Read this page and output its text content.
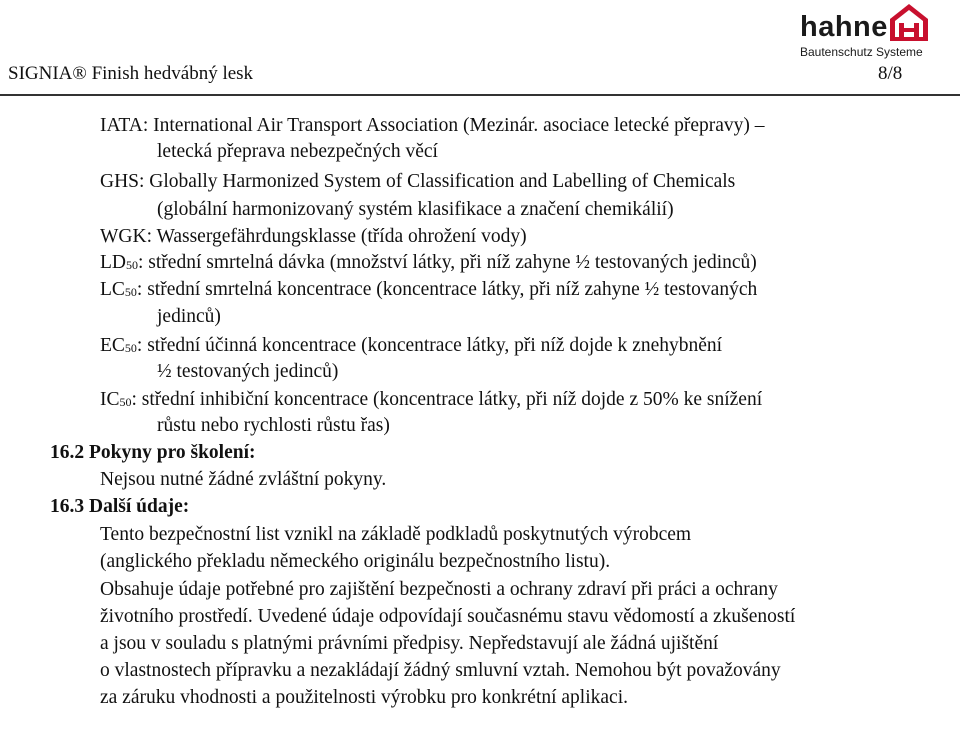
hahne
Bautenschutz Systeme
SIGNIA® Finish hedvábný lesk	8/8
IATA: International Air Transport Association (Mezinár. asociace letecké přepravy) –
letecká přeprava nebezpečných věcí
GHS: Globally Harmonized System of Classification and Labelling of Chemicals
(globální harmonizovaný systém klasifikace a značení chemikálií)
WGK: Wassergefährdungsklasse (třída ohrožení vody)
$LD_{50}$: střední smrtelná dávka (množství látky, při níž zahyne ½ testovaných jedinců)
$LC_{50}$: střední smrtelná koncentrace (koncentrace látky, při níž zahyne ½ testovaných
jedinců)
$EC_{50}$: střední účinná koncentrace (koncentrace látky, při níž dojde k znehybnění
½ testovaných jedinců)
$IC_{50}$: střední inhibiční koncentrace (koncentrace látky, při níž dojde z 50% ke snížení
růstu nebo rychlosti růstu řas)
16.2 Pokyny pro školení:
Nejsou nutné žádné zvláštní pokyny.
16.3 Další údaje:
Tento bezpečnostní list vznikl na základě podkladů poskytnutých výrobcem
(anglického překladu německého originálu bezpečnostního listu).
Obsahuje údaje potřebné pro zajištění bezpečnosti a ochrany zdraví při práci a ochrany
životního prostředí. Uvedené údaje odpovídají současnému stavu vědomostí a zkušeností
a jsou v souladu s platnými právními předpisy. Nepředstavují ale žádná ujištění
o vlastnostech přípravku a nezakládají žádný smluvní vztah. Nemohou být považovány
za záruku vhodnosti a použitelnosti výrobku pro konkrétní aplikaci.
